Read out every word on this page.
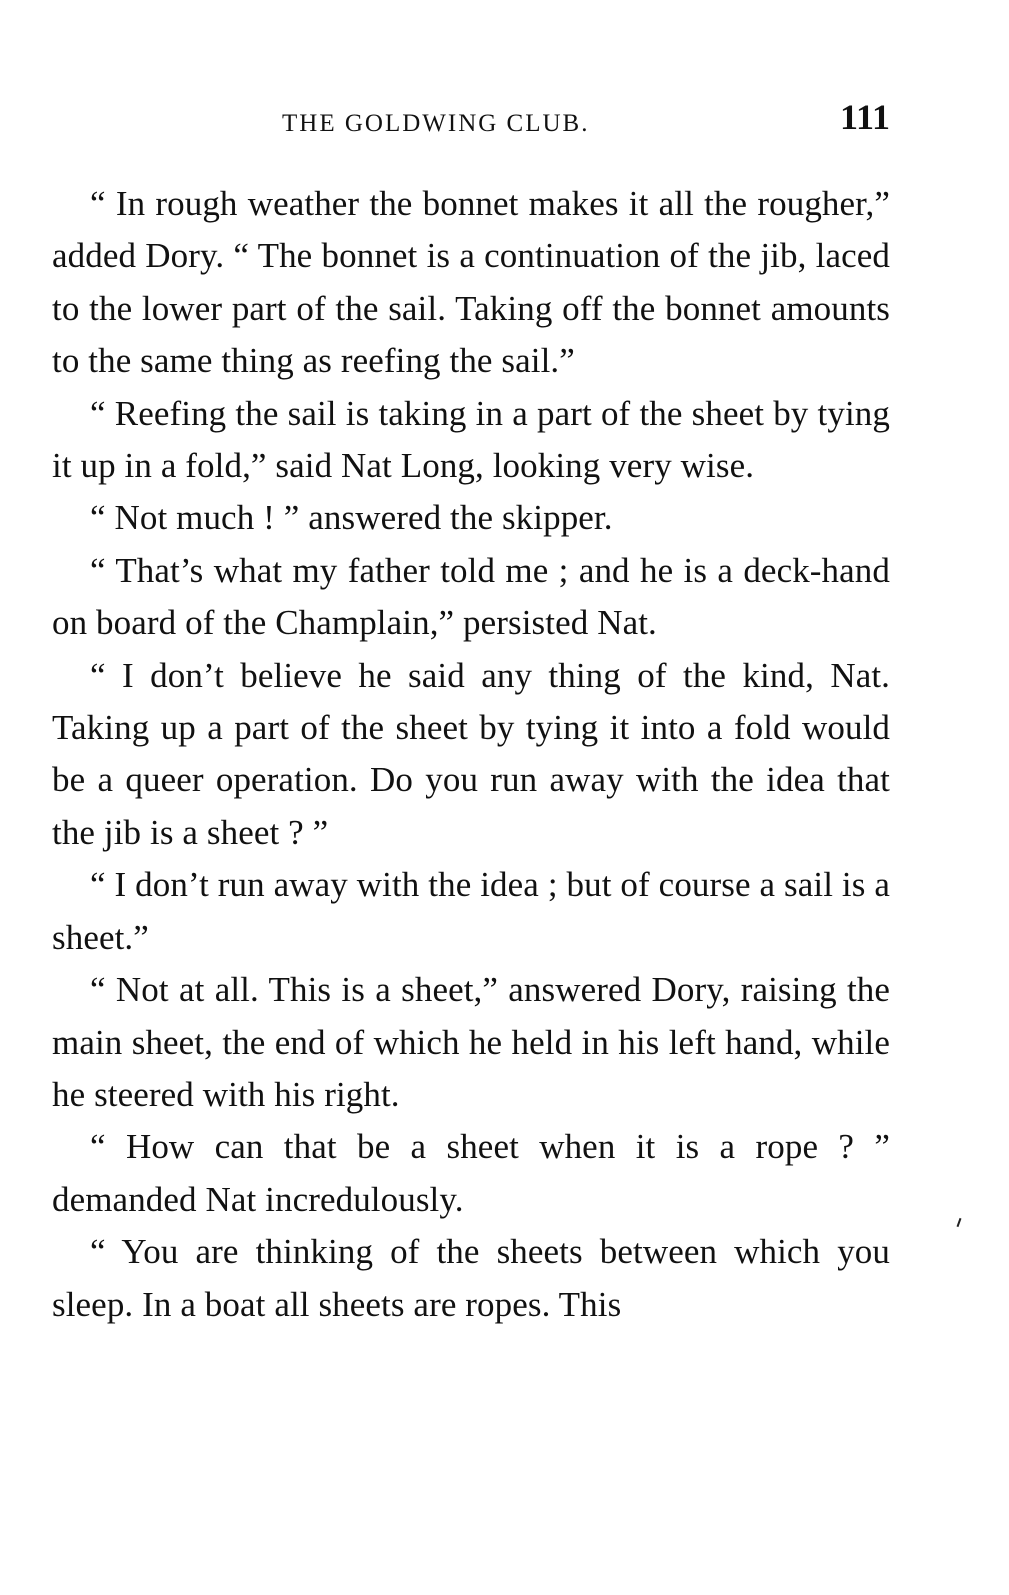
THE GOLDWING CLUB.	111

“ In rough weather the bonnet makes it all the rougher,” added Dory. “ The bonnet is a continuation of the jib, laced to the lower part of the sail. Taking off the bonnet amounts to the same thing as reefing the sail.”

“ Reefing the sail is taking in a part of the sheet by tying it up in a fold,” said Nat Long, looking very wise.

“ Not much ! ” answered the skipper.

“ That’s what my father told me ; and he is a deck-hand on board of the Champlain,” persisted Nat.

“ I don’t believe he said any thing of the kind, Nat. Taking up a part of the sheet by tying it into a fold would be a queer operation. Do you run away with the idea that the jib is a sheet ? ”

“ I don’t run away with the idea ; but of course a sail is a sheet.”

“ Not at all. This is a sheet,” answered Dory, raising the main sheet, the end of which he held in his left hand, while he steered with his right.

“ How can that be a sheet when it is a rope ? ” demanded Nat incredulously.

“ You are thinking of the sheets between which you sleep. In a boat all sheets are ropes. This
